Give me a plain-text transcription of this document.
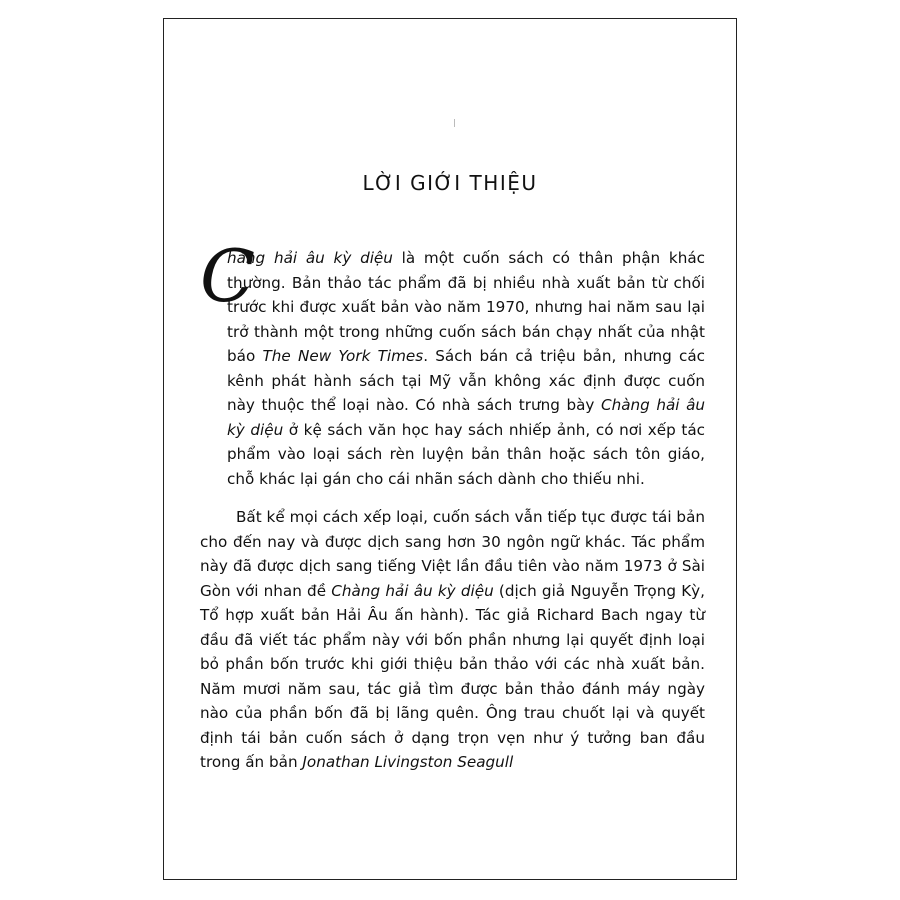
LỜI GIỚI THIỆU

C
hàng hải âu kỳ diệu là một cuốn sách có thân phận khác thường. Bản thảo tác phẩm đã bị nhiều nhà xuất bản từ chối trước khi được xuất bản vào năm 1970, nhưng hai năm sau lại trở thành một trong những cuốn sách bán chạy nhất của nhật báo The New York Times. Sách bán cả triệu bản, nhưng các kênh phát hành sách tại Mỹ vẫn không xác định được cuốn này thuộc thể loại nào. Có nhà sách trưng bày Chàng hải âu kỳ diệu ở kệ sách văn học hay sách nhiếp ảnh, có nơi xếp tác phẩm vào loại sách rèn luyện bản thân hoặc sách tôn giáo, chỗ khác lại gán cho cái nhãn sách dành cho thiếu nhi.

Bất kể mọi cách xếp loại, cuốn sách vẫn tiếp tục được tái bản cho đến nay và được dịch sang hơn 30 ngôn ngữ khác. Tác phẩm này đã được dịch sang tiếng Việt lần đầu tiên vào năm 1973 ở Sài Gòn với nhan đề Chàng hải âu kỳ diệu (dịch giả Nguyễn Trọng Kỳ, Tổ hợp xuất bản Hải Âu ấn hành). Tác giả Richard Bach ngay từ đầu đã viết tác phẩm này với bốn phần nhưng lại quyết định loại bỏ phần bốn trước khi giới thiệu bản thảo với các nhà xuất bản. Năm mươi năm sau, tác giả tìm được bản thảo đánh máy ngày nào của phần bốn đã bị lãng quên. Ông trau chuốt lại và quyết định tái bản cuốn sách ở dạng trọn vẹn như ý tưởng ban đầu trong ấn bản Jonathan Livingston Seagull
